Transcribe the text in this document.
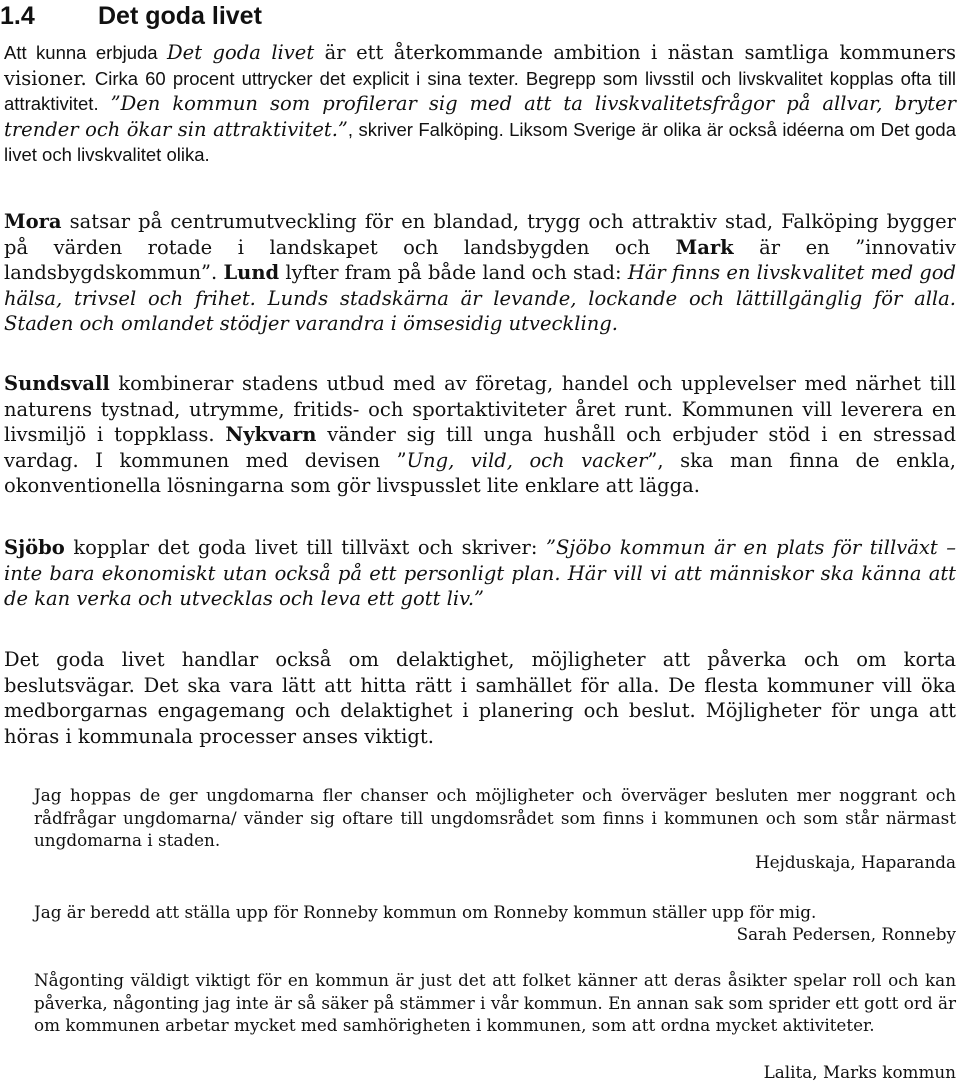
1.4	Det goda livet

Att kunna erbjuda Det goda livet är ett återkommande ambition i nästan samtliga kommuners visioner. Cirka 60 procent uttrycker det explicit i sina texter. Begrepp som livsstil och livskvalitet kopplas ofta till attraktivitet. ”Den kommun som profilerar sig med att ta livskvalitetsfrågor på allvar, bryter trender och ökar sin attraktivitet.”, skriver Falköping. Liksom Sverige är olika är också idéerna om Det goda livet och livskvalitet olika.

Mora satsar på centrumutveckling för en blandad, trygg och attraktiv stad, Falköping bygger på värden rotade i landskapet och landsbygden och Mark är en ”innovativ landsbygdskommun”. Lund lyfter fram på både land och stad: Här finns en livskvalitet med god hälsa, trivsel och frihet. Lunds stadskärna är levande, lockande och lättillgänglig för alla. Staden och omlandet stödjer varandra i ömsesidig utveckling.

Sundsvall kombinerar stadens utbud med av företag, handel och upplevelser med närhet till naturens tystnad, utrymme, fritids- och sportaktiviteter året runt. Kommunen vill leverera en livsmiljö i toppklass. Nykvarn vänder sig till unga hushåll och erbjuder stöd i en stressad vardag. I kommunen med devisen ”Ung, vild, och vacker”, ska man finna de enkla, okonventionella lösningarna som gör livspusslet lite enklare att lägga.

Sjöbo kopplar det goda livet till tillväxt och skriver: ”Sjöbo kommun är en plats för tillväxt – inte bara ekonomiskt utan också på ett personligt plan. Här vill vi att människor ska känna att de kan verka och utvecklas och leva ett gott liv.”

Det goda livet handlar också om delaktighet, möjligheter att påverka och om korta beslutsvägar. Det ska vara lätt att hitta rätt i samhället för alla. De flesta kommuner vill öka medborgarnas engagemang och delaktighet i planering och beslut. Möjligheter för unga att höras i kommunala processer anses viktigt.

Jag hoppas de ger ungdomarna fler chanser och möjligheter och överväger besluten mer noggrant och rådfrågar ungdomarna/ vänder sig oftare till ungdomsrådet som finns i kommunen och som står närmast ungdomarna i staden.

Hejduskaja, Haparanda

Jag är beredd att ställa upp för Ronneby kommun om Ronneby kommun ställer upp för mig.

Sarah Pedersen, Ronneby

Någonting väldigt viktigt för en kommun är just det att folket känner att deras åsikter spelar roll och kan påverka, någonting jag inte är så säker på stämmer i vår kommun. En annan sak som sprider ett gott ord är om kommunen arbetar mycket med samhörigheten i kommunen, som att ordna mycket aktiviteter.

Lalita, Marks kommun
